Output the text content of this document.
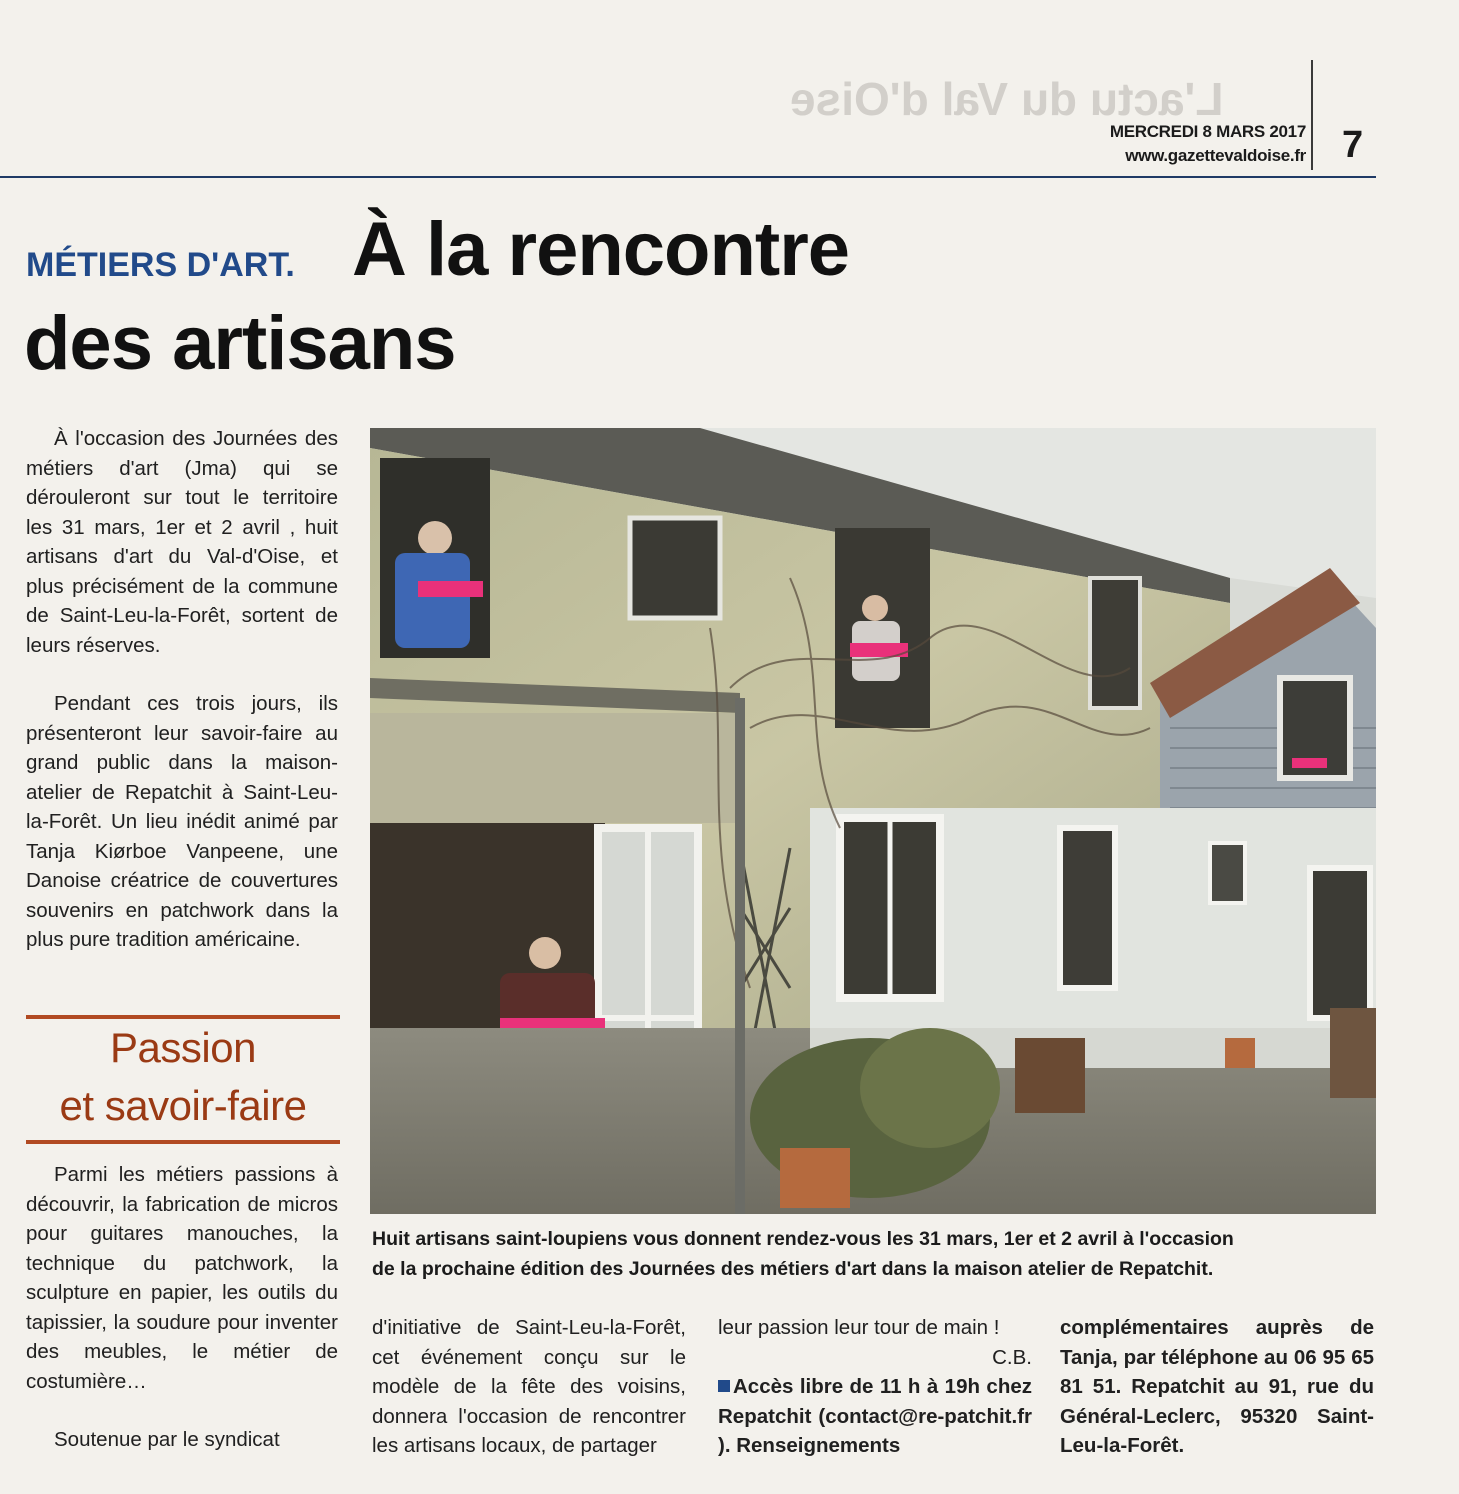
L'actu du Val d'Oise
MERCREDI 8 MARS 2017
www.gazettevaldoise.fr 7
MÉTIERS D'ART. À la rencontre
des artisans

À l'occasion des Journées des métiers d'art (Jma) qui se dérouleront sur tout le territoire les 31 mars, 1er et 2 avril , huit artisans d'art du Val-d'Oise, et plus précisément de la commune de Saint-Leu-la-Forêt, sortent de leurs réserves.

Pendant ces trois jours, ils présenteront leur savoir-faire au grand public dans la maison-atelier de Repatchit à Saint-Leu-la-Forêt. Un lieu inédit animé par Tanja Kiørboe Vanpeene, une Danoise créatrice de couvertures souvenirs en patchwork dans la plus pure tradition américaine.

Passion
et savoir-faire

Parmi les métiers passions à découvrir, la fabrication de micros pour guitares manouches, la technique du patchwork, la sculpture en papier, les outils du tapissier, la soudure pour inventer des meubles, le métier de costumière…

Soutenue par le syndicat

Huit artisans saint-loupiens vous donnent rendez-vous les 31 mars, 1er et 2 avril à l'occasion
de la prochaine édition des Journées des métiers d'art dans la maison atelier de Repatchit.

d'initiative de Saint-Leu-la-Forêt, cet événement conçu sur le modèle de la fête des voisins, donnera l'occasion de rencontrer les artisans locaux, de partager

leur passion leur tour de main !

C.B.

Accès libre de 11 h à 19h chez Repatchit (contact@re-patchit.fr ). Renseignements

complémentaires auprès de Tanja, par téléphone au 06 95 65 81 51. Repatchit au 91, rue du Général-Leclerc, 95320 Saint-Leu-la-Forêt.
